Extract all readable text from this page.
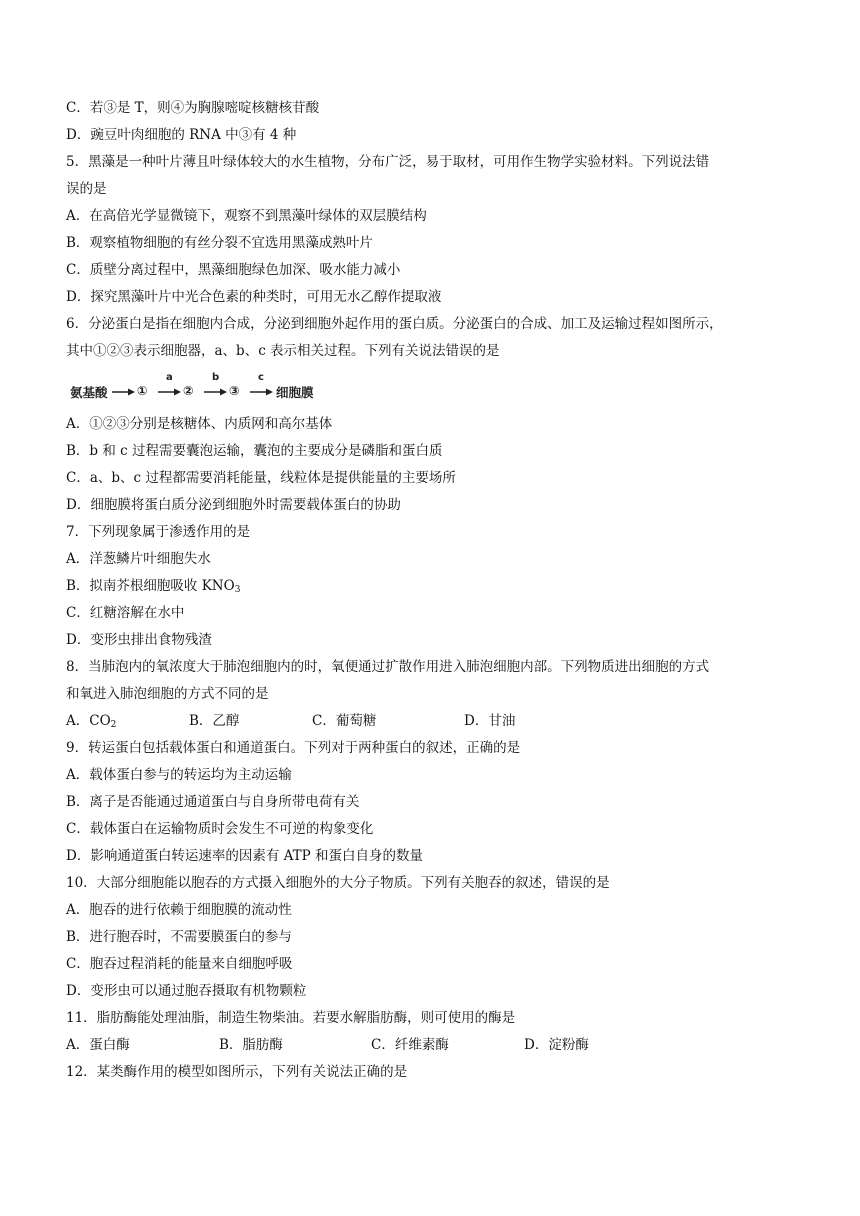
C．若③是 T，则④为胸腺嘧啶核糖核苷酸
D．豌豆叶肉细胞的 RNA 中③有 4 种
5．黑藻是一种叶片薄且叶绿体较大的水生植物，分布广泛，易于取材，可用作生物学实验材料。下列说法错
误的是
A．在高倍光学显微镜下，观察不到黑藻叶绿体的双层膜结构
B．观察植物细胞的有丝分裂不宜选用黑藻成熟叶片
C．质壁分离过程中，黑藻细胞绿色加深、吸水能力减小
D．探究黑藻叶片中光合色素的种类时，可用无水乙醇作提取液
6．分泌蛋白是指在细胞内合成，分泌到细胞外起作用的蛋白质。分泌蛋白的合成、加工及运输过程如图所示，
其中①②③表示细胞器，a、b、c 表示相关过程。下列有关说法错误的是
氨基酸 ①
a
②
b
③
c
细胞膜
A．①②③分别是核糖体、内质网和高尔基体
B．b 和 c 过程需要囊泡运输，囊泡的主要成分是磷脂和蛋白质
C．a、b、c 过程都需要消耗能量，线粒体是提供能量的主要场所
D．细胞膜将蛋白质分泌到细胞外时需要载体蛋白的协助
7．下列现象属于渗透作用的是
A．洋葱鳞片叶细胞失水
B．拟南芥根细胞吸收 $KNO_3$
C．红糖溶解在水中
D．变形虫排出食物残渣
8．当肺泡内的氧浓度大于肺泡细胞内的时，氧便通过扩散作用进入肺泡细胞内部。下列物质进出细胞的方式
和氧进入肺泡细胞的方式不同的是
A．$CO_2$	B．乙醇	C．葡萄糖	D．甘油
9．转运蛋白包括载体蛋白和通道蛋白。下列对于两种蛋白的叙述，正确的是
A．载体蛋白参与的转运均为主动运输
B．离子是否能通过通道蛋白与自身所带电荷有关
C．载体蛋白在运输物质时会发生不可逆的构象变化
D．影响通道蛋白转运速率的因素有 ATP 和蛋白自身的数量
10．大部分细胞能以胞吞的方式摄入细胞外的大分子物质。下列有关胞吞的叙述，错误的是
A．胞吞的进行依赖于细胞膜的流动性
B．进行胞吞时，不需要膜蛋白的参与
C．胞吞过程消耗的能量来自细胞呼吸
D．变形虫可以通过胞吞摄取有机物颗粒
11．脂肪酶能处理油脂，制造生物柴油。若要水解脂肪酶，则可使用的酶是
A．蛋白酶	B．脂肪酶	C．纤维素酶	D．淀粉酶
12．某类酶作用的模型如图所示，下列有关说法正确的是
